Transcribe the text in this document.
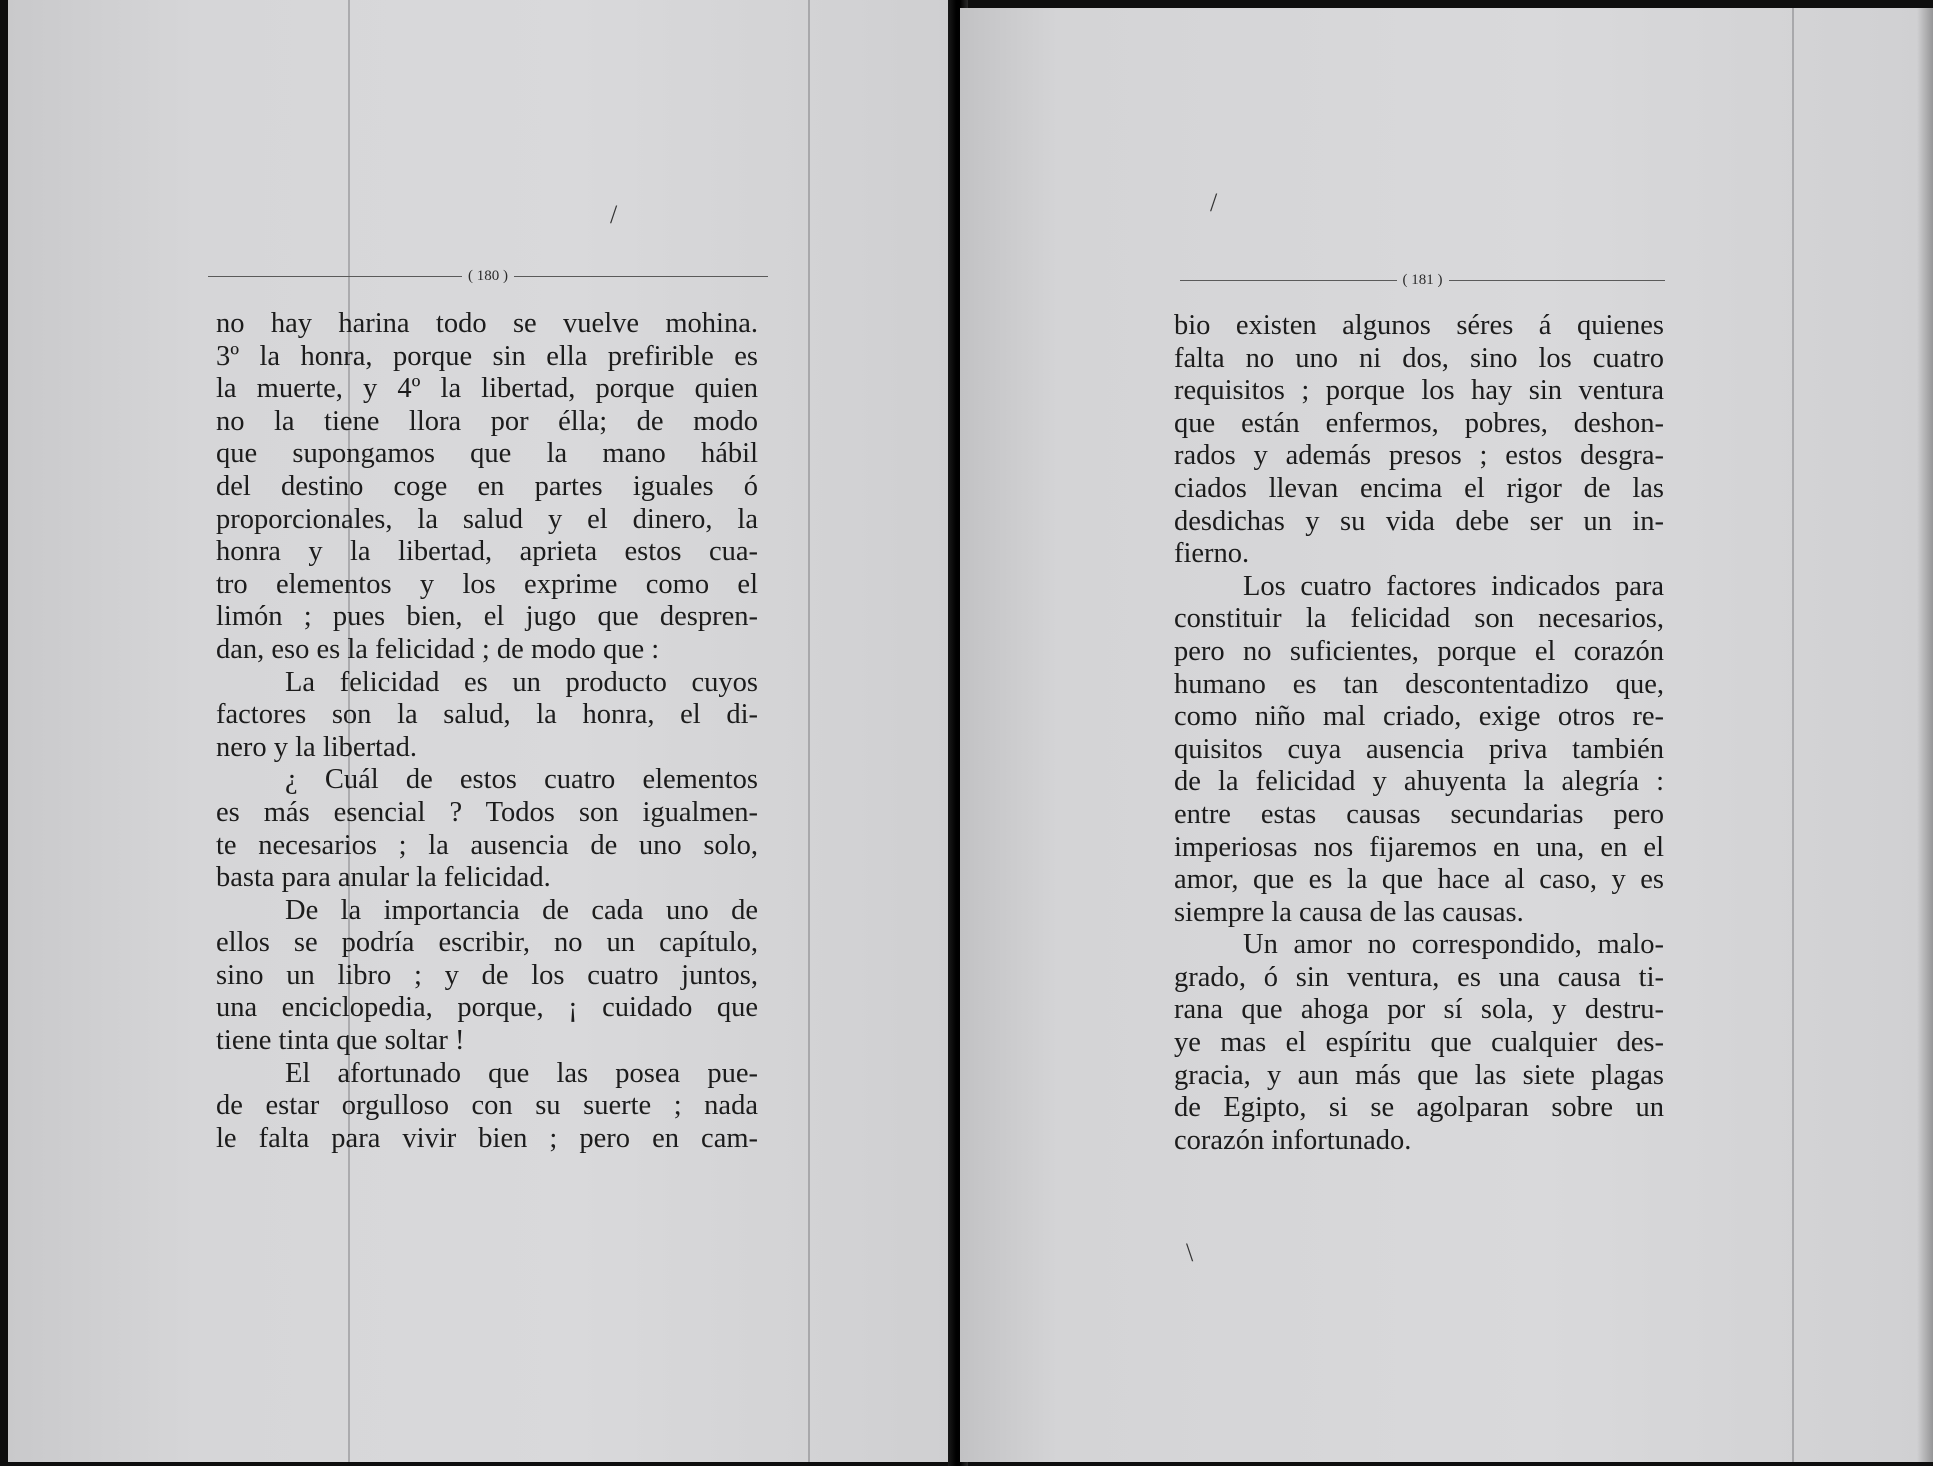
/
( 180 )
no hay harina todo se vuelve mohina.
3º la honra, porque sin ella prefirible es
la muerte, y 4º la libertad, porque quien
no la tiene llora por élla; de modo
que supongamos que la mano hábil
del destino coge en partes iguales ó
proporcionales, la salud y el dinero, la
honra y la libertad, aprieta estos cua-
tro elementos y los exprime como el
limón ; pues bien, el jugo que despren-
dan, eso es la felicidad ; de modo que :
La felicidad es un producto cuyos
factores son la salud, la honra, el di-
nero y la libertad.
¿ Cuál de estos cuatro elementos
es más esencial ? Todos son igualmen-
te necesarios ; la ausencia de uno solo,
basta para anular la felicidad.
De la importancia de cada uno de
ellos se podría escribir, no un capítulo,
sino un libro ; y de los cuatro juntos,
una enciclopedia, porque, ¡ cuidado que
tiene tinta que soltar !
El afortunado que las posea pue-
de estar orgulloso con su suerte ; nada
le falta para vivir bien ; pero en cam-
/
\
( 181 )
bio existen algunos séres á quienes
falta no uno ni dos, sino los cuatro
requisitos ; porque los hay sin ventura
que están enfermos, pobres, deshon-
rados y además presos ; estos desgra-
ciados llevan encima el rigor de las
desdichas y su vida debe ser un in-
fierno.
Los cuatro factores indicados para
constituir la felicidad son necesarios,
pero no suficientes, porque el corazón
humano es tan descontentadizo que,
como niño mal criado, exige otros re-
quisitos cuya ausencia priva también
de la felicidad y ahuyenta la alegría :
entre estas causas secundarias pero
imperiosas nos fijaremos en una, en el
amor, que es la que hace al caso, y es
siempre la causa de las causas.
Un amor no correspondido, malo-
grado, ó sin ventura, es una causa ti-
rana que ahoga por sí sola, y destru-
ye mas el espíritu que cualquier des-
gracia, y aun más que las siete plagas
de Egipto, si se agolparan sobre un
corazón infortunado.
